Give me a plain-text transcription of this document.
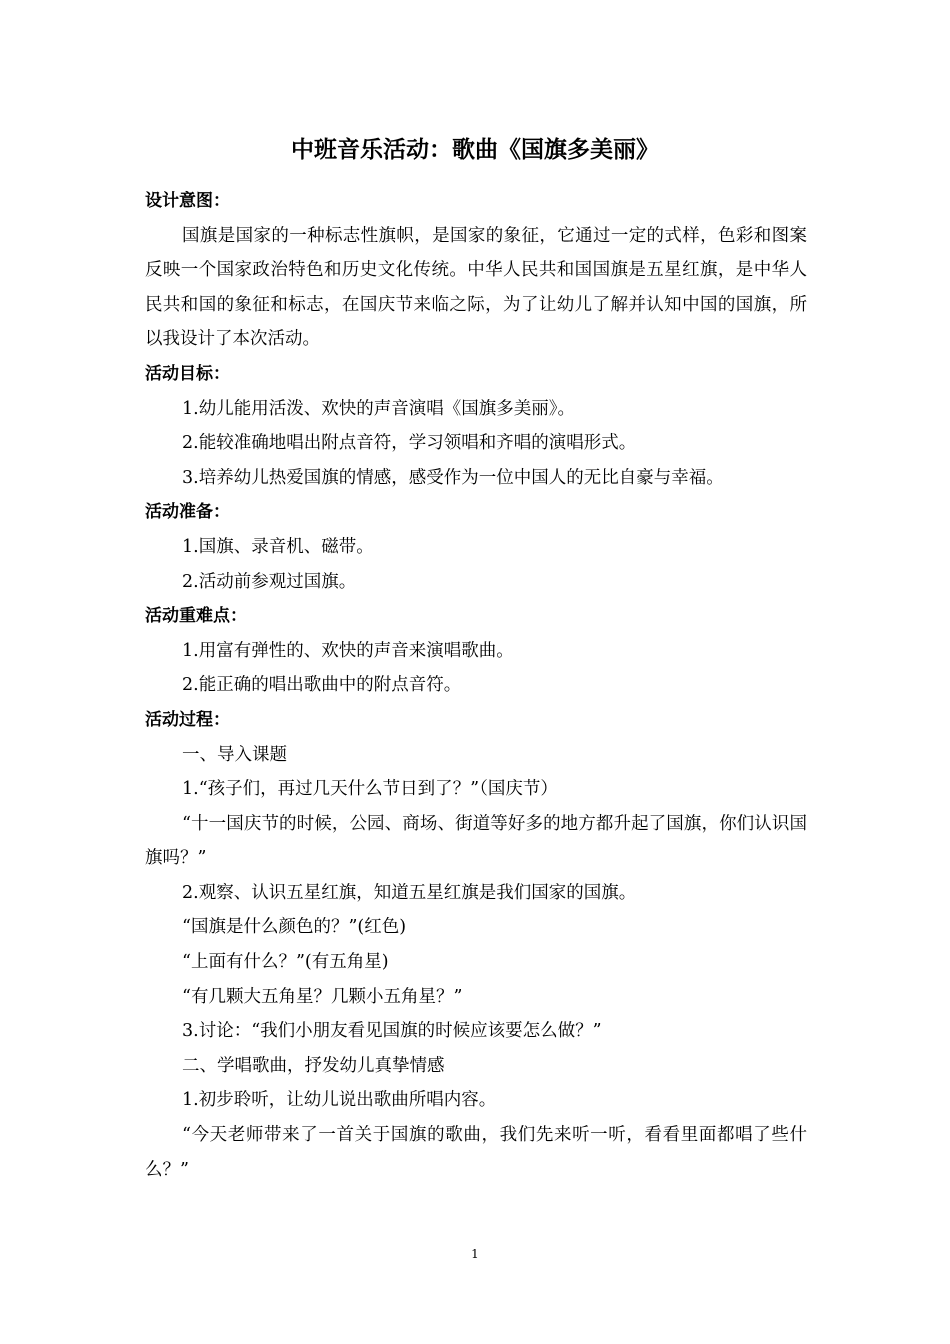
中班音乐活动：歌曲《国旗多美丽》
设计意图：
国旗是国家的一种标志性旗帜，是国家的象征，它通过一定的式样，色彩和图案反映一个国家政治特色和历史文化传统。中华人民共和国国旗是五星红旗，是中华人民共和国的象征和标志，在国庆节来临之际，为了让幼儿了解并认知中国的国旗，所以我设计了本次活动。
活动目标：
1.幼儿能用活泼、欢快的声音演唱《国旗多美丽》。
2.能较准确地唱出附点音符，学习领唱和齐唱的演唱形式。
3.培养幼儿热爱国旗的情感，感受作为一位中国人的无比自豪与幸福。
活动准备：
1.国旗、录音机、磁带。
2.活动前参观过国旗。
活动重难点：
1.用富有弹性的、欢快的声音来演唱歌曲。
2.能正确的唱出歌曲中的附点音符。
活动过程：
一、导入课题
1.“孩子们，再过几天什么节日到了？”（国庆节）
“十一国庆节的时候，公园、商场、街道等好多的地方都升起了国旗，你们认识国旗吗？”
2.观察、认识五星红旗，知道五星红旗是我们国家的国旗。
“国旗是什么颜色的？”(红色)
“上面有什么？”(有五角星)
“有几颗大五角星？几颗小五角星？”
3.讨论：“我们小朋友看见国旗的时候应该要怎么做？”
二、学唱歌曲，抒发幼儿真挚情感
1.初步聆听，让幼儿说出歌曲所唱内容。
“今天老师带来了一首关于国旗的歌曲，我们先来听一听，看看里面都唱了些什么？”
1
